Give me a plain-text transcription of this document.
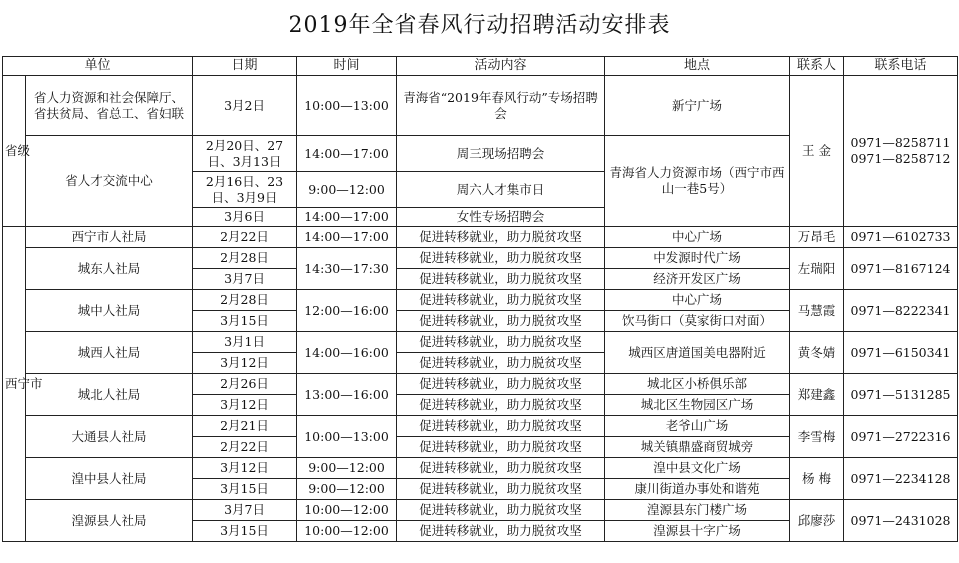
2019年全省春风行动招聘活动安排表
单位		日期	时间	活动内容	地点	联系人	联系电话
省级	省人力资源和社会保障厅、省扶贫局、省总工、省妇联	3月2日	10:00—13:00	青海省“2019年春风行动”专场招聘会	新宁广场	王 金	0971—8258711
0971—8258712

	省人才交流中心	2月20日、27日、3月13日	14:00—17:00	周三现场招聘会	青海省人力资源市场（西宁市西山一巷5号）		
		2月16日、23日、3月9日	9:00—12:00	周六人才集市日			
		3月6日	14:00—17:00	女性专场招聘会			
西宁市	西宁市人社局	2月22日	14:00—17:00	促进转移就业，助力脱贫攻坚	中心广场	万昂毛	0971—6102733
	城东人社局	2月28日	14:30—17:30	促进转移就业，助力脱贫攻坚	中发源时代广场	左瑞阳	0971—8167124
		3月7日		促进转移就业，助力脱贫攻坚	经济开发区广场		
	城中人社局	2月28日	12:00—16:00	促进转移就业，助力脱贫攻坚	中心广场	马慧霞	0971—8222341
		3月15日		促进转移就业，助力脱贫攻坚	饮马街口（莫家街口对面）		
	城西人社局	3月1日	14:00—16:00	促进转移就业，助力脱贫攻坚	城西区唐道国美电器附近	黄冬婧	0971—6150341
		3月12日		促进转移就业，助力脱贫攻坚			
	城北人社局	2月26日	13:00—16:00	促进转移就业，助力脱贫攻坚	城北区小桥俱乐部	郑建鑫	0971—5131285
		3月12日		促进转移就业，助力脱贫攻坚	城北区生物园区广场		
	大通县人社局	2月21日	10:00—13:00	促进转移就业，助力脱贫攻坚	老爷山广场	李雪梅	0971—2722316
		2月22日		促进转移就业，助力脱贫攻坚	城关镇鼎盛商贸城旁		
	湟中县人社局	3月12日	9:00—12:00	促进转移就业，助力脱贫攻坚	湟中县文化广场	杨 梅	0971—2234128
		3月15日	9:00—12:00	促进转移就业，助力脱贫攻坚	康川街道办事处和谐苑		
	湟源县人社局	3月7日	10:00—12:00	促进转移就业，助力脱贫攻坚	湟源县东门楼广场	邱廖莎	0971—2431028
		3月15日	10:00—12:00	促进转移就业，助力脱贫攻坚	湟源县十字广场		
